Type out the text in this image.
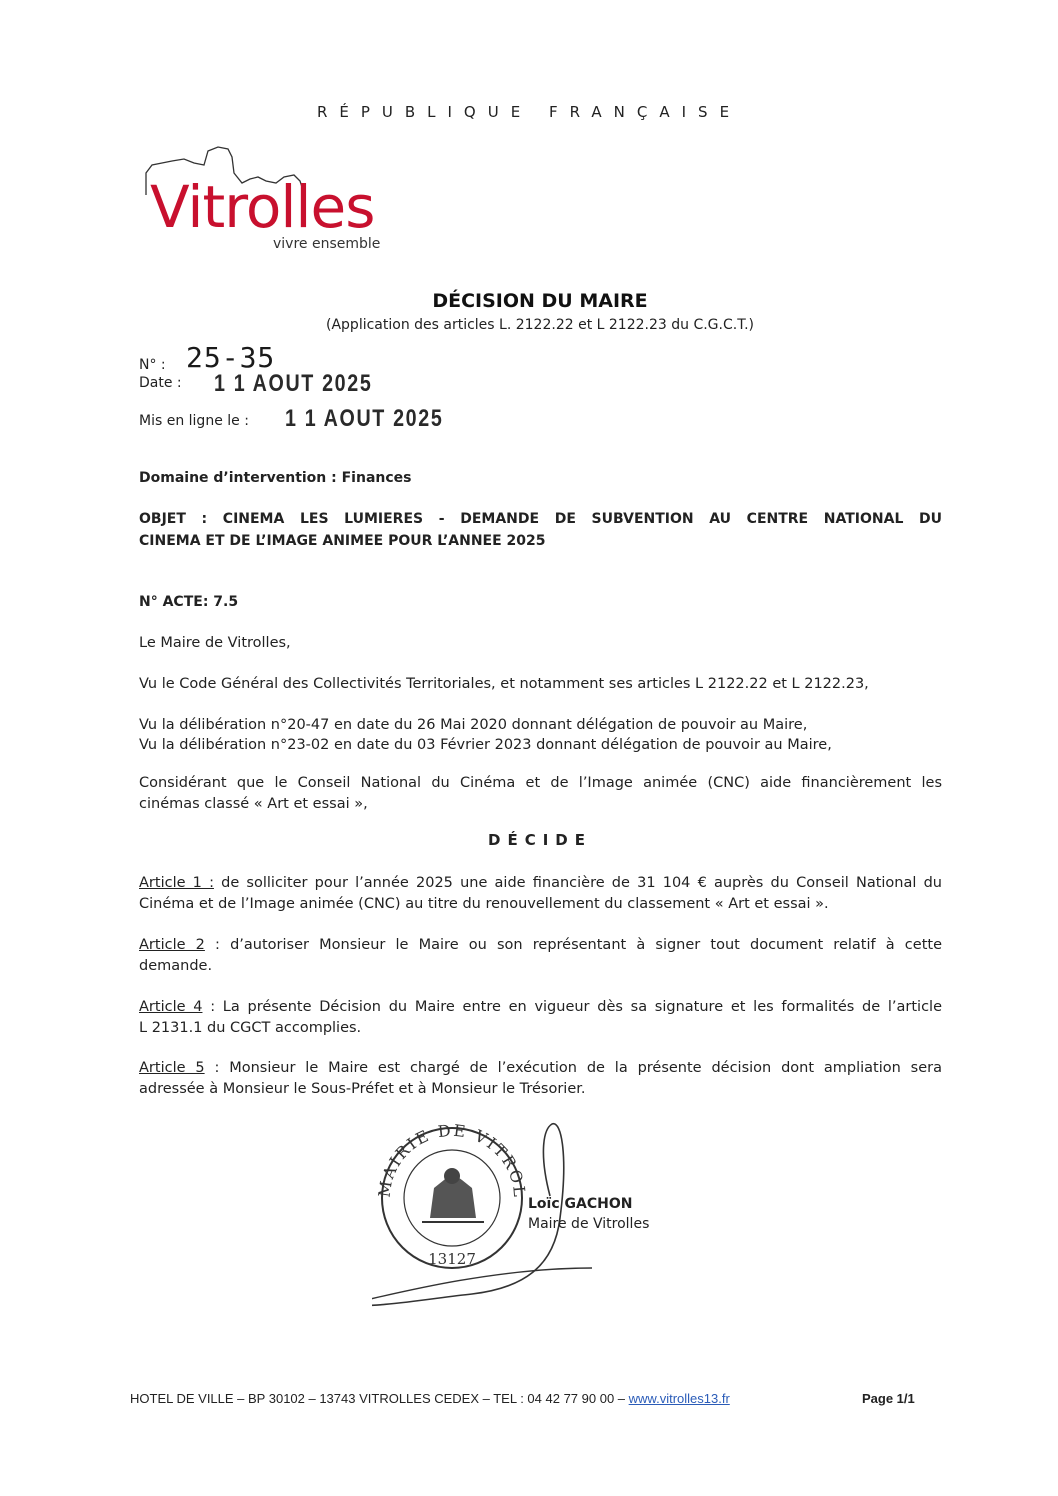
RÉPUBLIQUE FRANÇAISE
Vitrolles
vivre ensemble
DÉCISION DU MAIRE
(Application des articles L. 2122.22 et L 2122.23 du C.G.C.T.)
N° : 25-35
Date : 1 1 AOUT 2025
Mis en ligne le : 1 1 AOUT 2025
Domaine d’intervention : Finances
OBJET : CINEMA LES LUMIERES - DEMANDE DE SUBVENTION AU CENTRE NATIONAL DU
CINEMA ET DE L’IMAGE ANIMEE POUR L’ANNEE 2025
N° ACTE: 7.5
Le Maire de Vitrolles,
Vu le Code Général des Collectivités Territoriales, et notamment ses articles L 2122.22 et L 2122.23,
Vu la délibération n°20-47 en date du 26 Mai 2020 donnant délégation de pouvoir au Maire,
Vu la délibération n°23-02 en date du 03 Février 2023 donnant délégation de pouvoir au Maire,
Considérant que le Conseil National du Cinéma et de l’Image animée (CNC) aide financièrement les
cinémas classé « Art et essai »,
DÉCIDE
Article 1 : de solliciter pour l’année 2025 une aide financière de 31 104 € auprès du Conseil National du
Cinéma et de l’Image animée (CNC) au titre du renouvellement du classement « Art et essai ».
Article 2 : d’autoriser Monsieur le Maire ou son représentant à signer tout document relatif à cette
demande.
Article 4 : La présente Décision du Maire entre en vigueur dès sa signature et les formalités de l’article
L 2131.1 du CGCT accomplies.
Article 5 : Monsieur le Maire est chargé de l’exécution de la présente décision dont ampliation sera
adressée à Monsieur le Sous-Préfet et à Monsieur le Trésorier.
MAIRIE DE VITROL
13127
Loïc GACHON
Maire de Vitrolles
HOTEL DE VILLE – BP 30102 – 13743 VITROLLES CEDEX – TEL : 04 42 77 90 00 – www.vitrolles13.fr	Page 1/1
